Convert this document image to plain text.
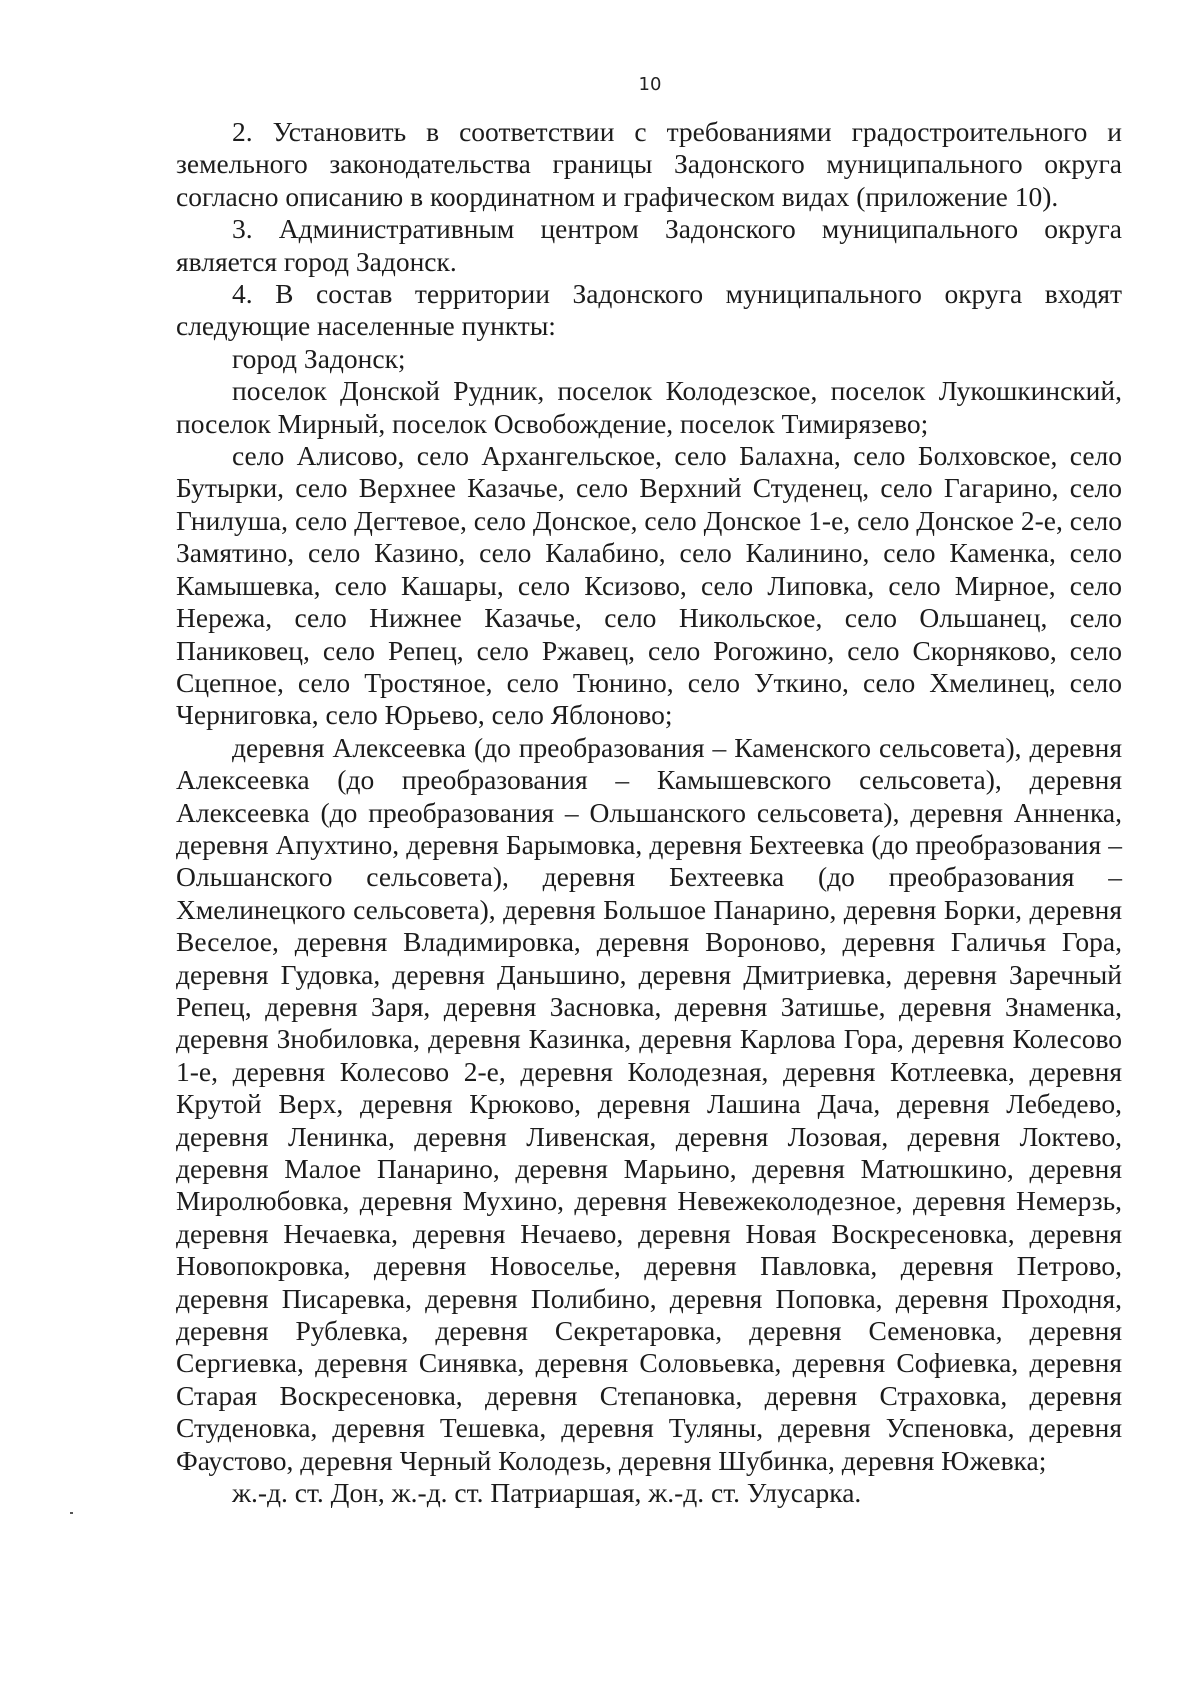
10

2. Установить в соответствии с требованиями градостроительного и земельного законодательства границы Задонского муниципального округа согласно описанию в координатном и графическом видах (приложение 10).

3. Административным центром Задонского муниципального округа является город Задонск.

4. В состав территории Задонского муниципального округа входят следующие населенные пункты:

город Задонск;

поселок Донской Рудник, поселок Колодезское, поселок Лукошкинский, поселок Мирный, поселок Освобождение, поселок Тимирязево;

село Алисово, село Архангельское, село Балахна, село Болховское, село Бутырки, село Верхнее Казачье, село Верхний Студенец, село Гагарино, село Гнилуша, село Дегтевое, село Донское, село Донское 1-е, село Донское 2-е, село Замятино, село Казино, село Калабино, село Калинино, село Каменка, село Камышевка, село Кашары, село Ксизово, село Липовка, село Мирное, село Нережа, село Нижнее Казачье, село Никольское, село Ольшанец, село Паниковец, село Репец, село Ржавец, село Рогожино, село Скорняково, село Сцепное, село Тростяное, село Тюнино, село Уткино, село Хмелинец, село Черниговка, село Юрьево, село Яблоново;

деревня Алексеевка (до преобразования – Каменского сельсовета), деревня Алексеевка (до преобразования – Камышевского сельсовета), деревня Алексеевка (до преобразования – Ольшанского сельсовета), деревня Анненка, деревня Апухтино, деревня Барымовка, деревня Бехтеевка (до преобразования – Ольшанского сельсовета), деревня Бехтеевка (до преобразования – Хмелинецкого сельсовета), деревня Большое Панарино, деревня Борки, деревня Веселое, деревня Владимировка, деревня Вороново, деревня Галичья Гора, деревня Гудовка, деревня Даньшино, деревня Дмитриевка, деревня Заречный Репец, деревня Заря, деревня Засновка, деревня Затишье, деревня Знаменка, деревня Знобиловка, деревня Казинка, деревня Карлова Гора, деревня Колесово 1-е, деревня Колесово 2-е, деревня Колодезная, деревня Котлеевка, деревня Крутой Верх, деревня Крюково, деревня Лашина Дача, деревня Лебедево, деревня Ленинка, деревня Ливенская, деревня Лозовая, деревня Локтево, деревня Малое Панарино, деревня Марьино, деревня Матюшкино, деревня Миролюбовка, деревня Мухино, деревня Невежеколодезное, деревня Немерзь, деревня Нечаевка, деревня Нечаево, деревня Новая Воскресеновка, деревня Новопокровка, деревня Новоселье, деревня Павловка, деревня Петрово, деревня Писаревка, деревня Полибино, деревня Поповка, деревня Проходня, деревня Рублевка, деревня Секретаровка, деревня Семеновка, деревня Сергиевка, деревня Синявка, деревня Соловьевка, деревня Софиевка, деревня Старая Воскресеновка, деревня Степановка, деревня Страховка, деревня Студеновка, деревня Тешевка, деревня Туляны, деревня Успеновка, деревня Фаустово, деревня Черный Колодезь, деревня Шубинка, деревня Южевка;

ж.-д. ст. Дон, ж.-д. ст. Патриаршая, ж.-д. ст. Улусарка.
